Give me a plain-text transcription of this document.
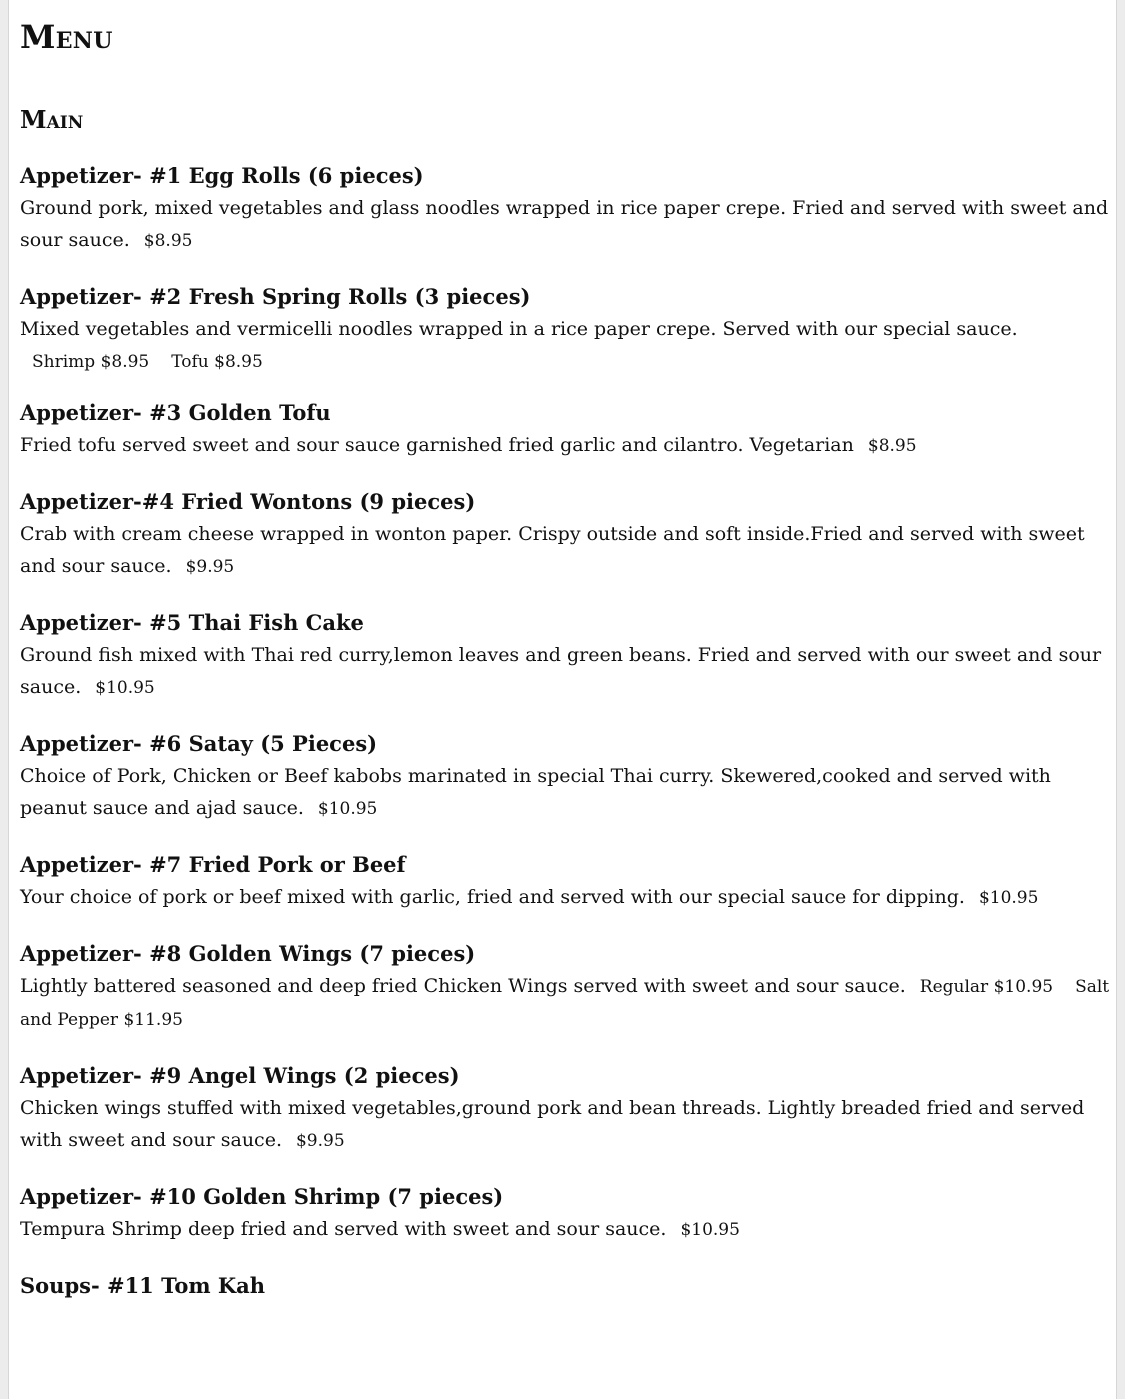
Menu
Main

Appetizer- #1 Egg Rolls (6 pieces)

Ground pork, mixed vegetables and glass noodles wrapped in rice paper crepe. Fried and served with sweet and sour sauce. $8.95

Appetizer- #2 Fresh Spring Rolls (3 pieces)

Mixed vegetables and vermicelli noodles wrapped in a rice paper crepe. Served with our special sauce.

Shrimp $8.95 Tofu $8.95

Appetizer- #3 Golden Tofu

Fried tofu served sweet and sour sauce garnished fried garlic and cilantro. Vegetarian $8.95

Appetizer-#4 Fried Wontons (9 pieces)

Crab with cream cheese wrapped in wonton paper. Crispy outside and soft inside.Fried and served with sweet and sour sauce. $9.95

Appetizer- #5 Thai Fish Cake

Ground fish mixed with Thai red curry,lemon leaves and green beans. Fried and served with our sweet and sour sauce. $10.95

Appetizer- #6 Satay (5 Pieces)

Choice of Pork, Chicken or Beef kabobs marinated in special Thai curry. Skewered,cooked and served with peanut sauce and ajad sauce. $10.95

Appetizer- #7 Fried Pork or Beef

Your choice of pork or beef mixed with garlic, fried and served with our special sauce for dipping. $10.95

Appetizer- #8 Golden Wings (7 pieces)

Lightly battered seasoned and deep fried Chicken Wings served with sweet and sour sauce. Regular $10.95 Salt and Pepper $11.95

Appetizer- #9 Angel Wings (2 pieces)

Chicken wings stuffed with mixed vegetables,ground pork and bean threads. Lightly breaded fried and served with sweet and sour sauce. $9.95

Appetizer- #10 Golden Shrimp (7 pieces)

Tempura Shrimp deep fried and served with sweet and sour sauce. $10.95

Soups- #11 Tom Kah
